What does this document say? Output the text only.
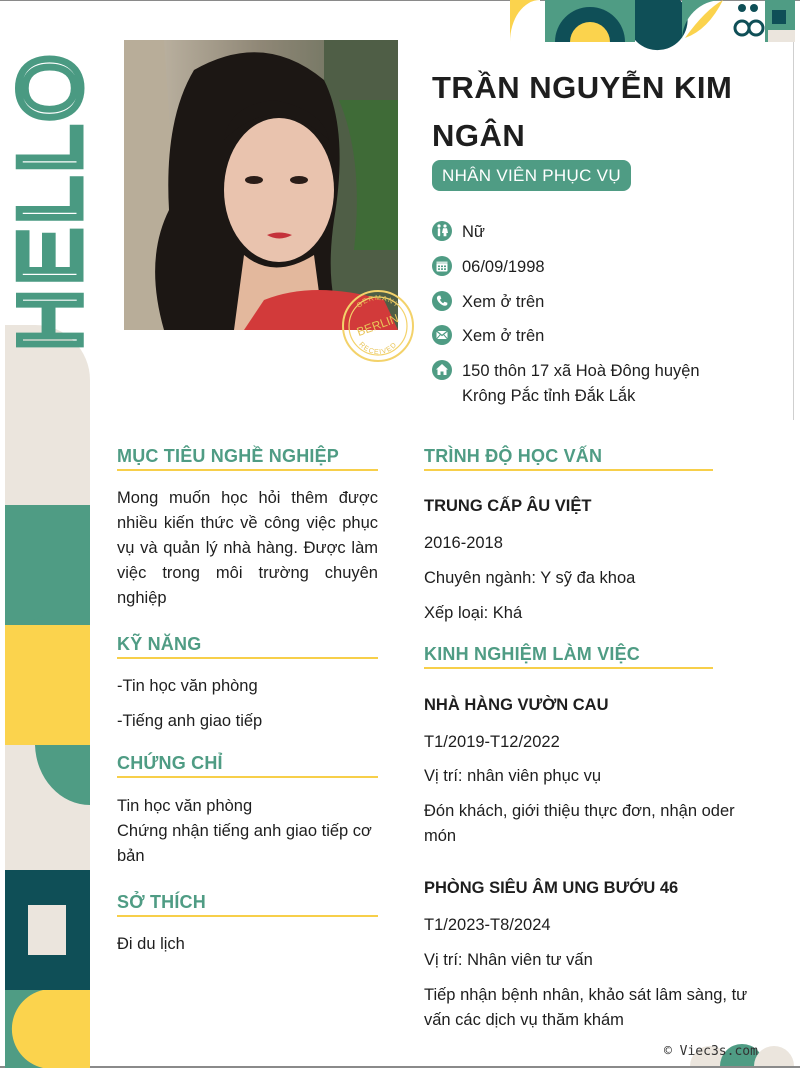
HELLO	GERMANY
BERLIN
RECEIVED
TRẦN NGUYỄN KIM NGÂN
NHÂN VIÊN PHỤC VỤ
Nữ
06/09/1998
Xem ở trên
Xem ở trên
150 thôn 17 xã Hoà Đông huyện Krông Pắc tỉnh Đắk Lắk
MỤC TIÊU NGHỀ NGHIỆP
Mong muốn học hỏi thêm được nhiều kiến thức về công việc phục vụ và quản lý nhà hàng. Được làm việc trong môi trường chuyên nghiệp
KỸ NĂNG
-Tin học văn phòng
-Tiếng anh giao tiếp
CHỨNG CHỈ
Tin học văn phòng
Chứng nhận tiếng anh giao tiếp cơ bản
SỞ THÍCH
Đi du lịch
TRÌNH ĐỘ HỌC VẤN
TRUNG CẤP ÂU VIỆT
2016-2018
Chuyên ngành: Y sỹ đa khoa
Xếp loại: Khá
KINH NGHIỆM LÀM VIỆC
NHÀ HÀNG VƯỜN CAU
T1/2019-T12/2022
Vị trí: nhân viên phục vụ
Đón khách, giới thiệu thực đơn, nhận oder món
PHÒNG SIÊU ÂM UNG BƯỚU 46
T1/2023-T8/2024
Vị trí: Nhân viên tư vấn
Tiếp nhận bệnh nhân, khảo sát lâm sàng, tư vấn các dịch vụ thăm khám
© Viec3s.com
